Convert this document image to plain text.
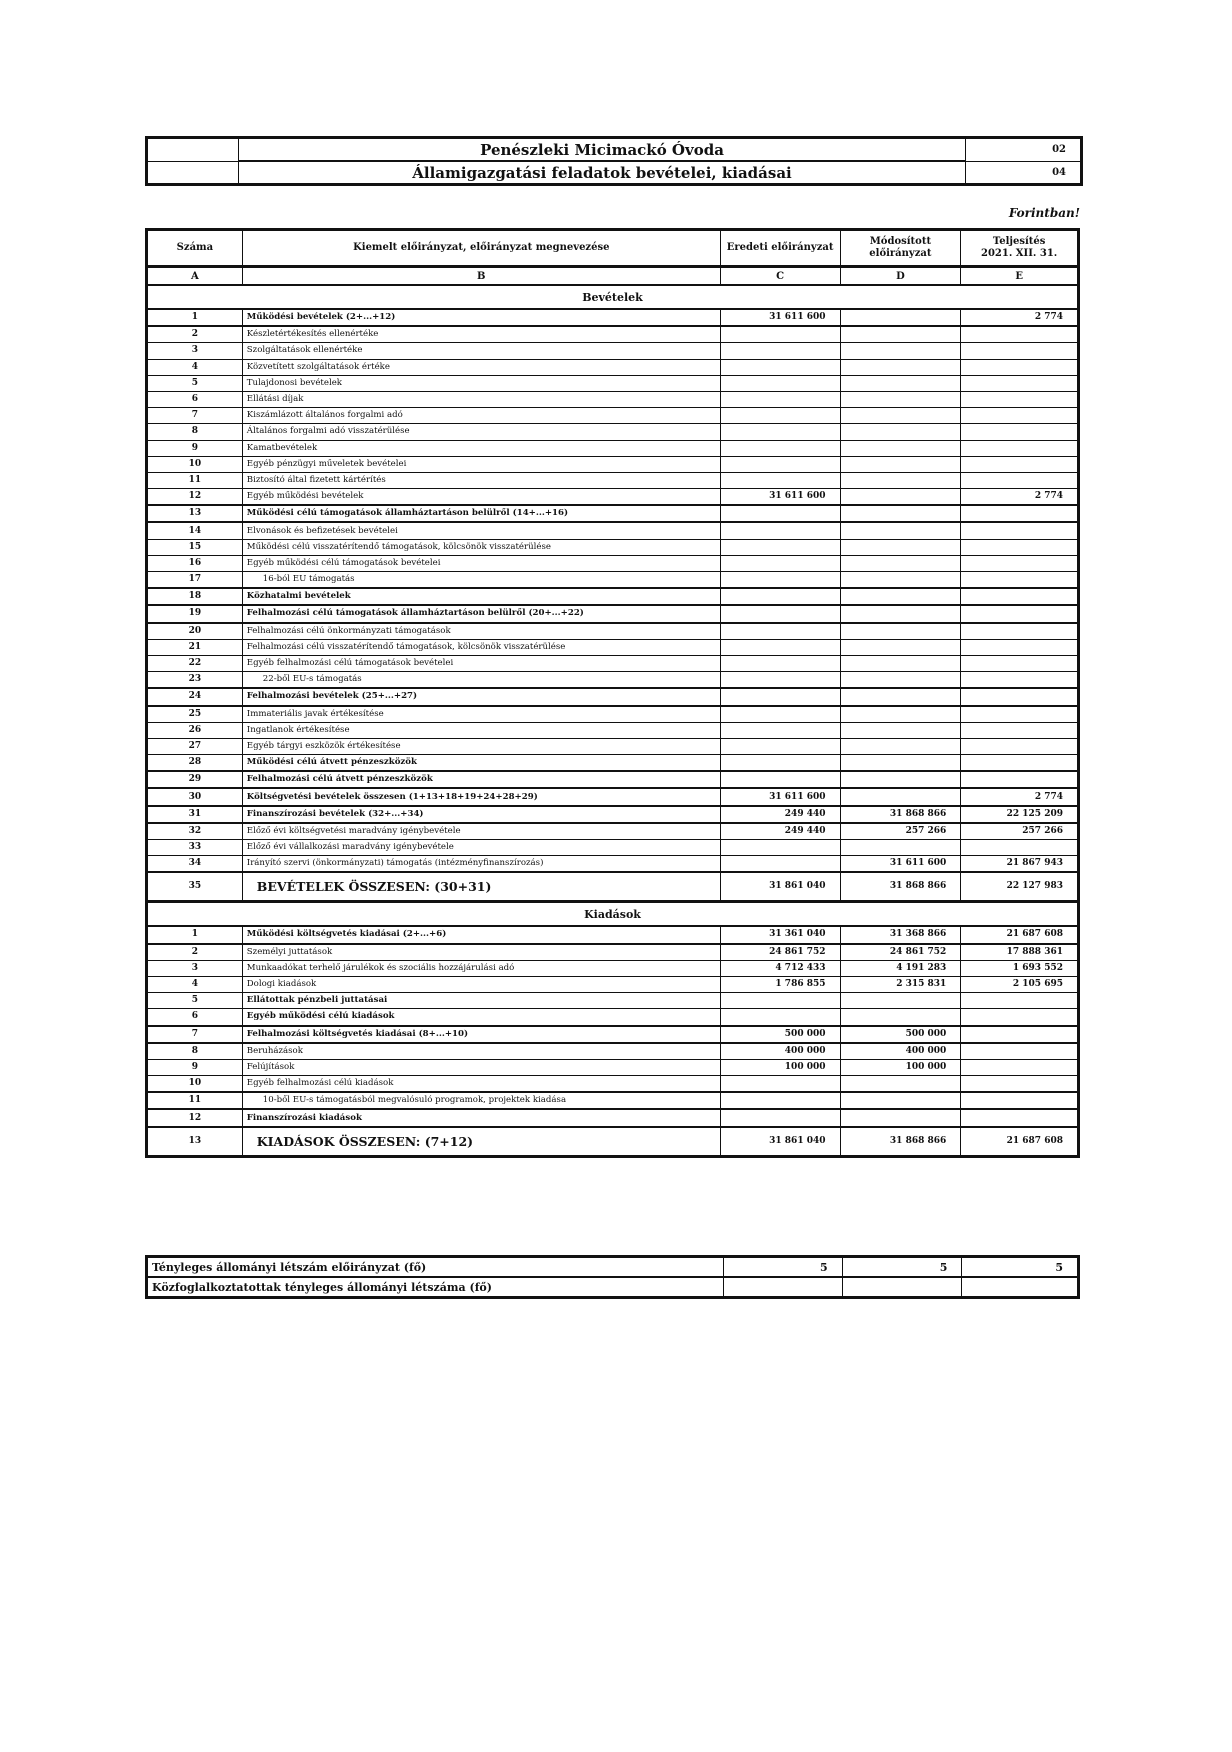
	Penészleki Micimackó Óvoda	02
	Államigazgatási feladatok bevételei, kiadásai	04
Forintban!
Száma	Kiemelt előirányzat, előirányzat megnevezése	Eredeti előirányzat	Módosított előirányzat	Teljesítés
2021. XII. 31.

A	B	C	D	E
Bevételek				
1	Működési bevételek (2+...+12)	31 611 600		2 774
2	Készletértékesítés ellenértéke			
3	Szolgáltatások ellenértéke			
4	Közvetített szolgáltatások értéke			
5	Tulajdonosi bevételek			
6	Ellátási díjak			
7	Kiszámlázott általános forgalmi adó			
8	Általános forgalmi adó visszatérülése			
9	Kamatbevételek			
10	Egyéb pénzügyi műveletek bevételei			
11	Biztosító által fizetett kártérítés			
12	Egyéb működési bevételek	31 611 600		2 774
13	Működési célú támogatások államháztartáson belülről (14+...+16)			
14	Elvonások és befizetések bevételei			
15	Működési célú visszatérítendő támogatások, kölcsönök visszatérülése			
16	Egyéb működési célú támogatások bevételei			
17	16-ból EU támogatás			
18	Közhatalmi bevételek			
19	Felhalmozási célú támogatások államháztartáson belülről (20+...+22)			
20	Felhalmozási célú önkormányzati támogatások			
21	Felhalmozási célú visszatérítendő támogatások, kölcsönök visszatérülése			
22	Egyéb felhalmozási célú támogatások bevételei			
23	22-ből EU-s támogatás			
24	Felhalmozási bevételek (25+...+27)			
25	Immateriális javak értékesítése			
26	Ingatlanok értékesítése			
27	Egyéb tárgyi eszközök értékesítése			
28	Működési célú átvett pénzeszközök			
29	Felhalmozási célú átvett pénzeszközök			
30	Költségvetési bevételek összesen (1+13+18+19+24+28+29)	31 611 600		2 774
31	Finanszírozási bevételek (32+...+34)	249 440	31 868 866	22 125 209
32	Előző évi költségvetési maradvány igénybevétele	249 440	257 266	257 266
33	Előző évi vállalkozási maradvány igénybevétele			
34	Irányító szervi (önkormányzati) támogatás (intézményfinanszírozás)		31 611 600	21 867 943
35	BEVÉTELEK ÖSSZESEN: (30+31)	31 861 040	31 868 866	22 127 983
Kiadások				
1	Működési költségvetés kiadásai (2+...+6)	31 361 040	31 368 866	21 687 608
2	Személyi juttatások	24 861 752	24 861 752	17 888 361
3	Munkaadókat terhelő járulékok és szociális hozzájárulási adó	4 712 433	4 191 283	1 693 552
4	Dologi kiadások	1 786 855	2 315 831	2 105 695
5	Ellátottak pénzbeli juttatásai			
6	Egyéb működési célú kiadások			
7	Felhalmozási költségvetés kiadásai (8+...+10)	500 000	500 000	
8	Beruházások	400 000	400 000	
9	Felújítások	100 000	100 000	
10	Egyéb felhalmozási célú kiadások			
11	10-ből EU-s támogatásból megvalósuló programok, projektek kiadása			
12	Finanszírozási kiadások			
13	KIADÁSOK ÖSSZESEN: (7+12)	31 861 040	31 868 866	21 687 608
Tényleges állományi létszám előirányzat (fő)	5	5	5
Közfoglalkoztatottak tényleges állományi létszáma (fő)			
